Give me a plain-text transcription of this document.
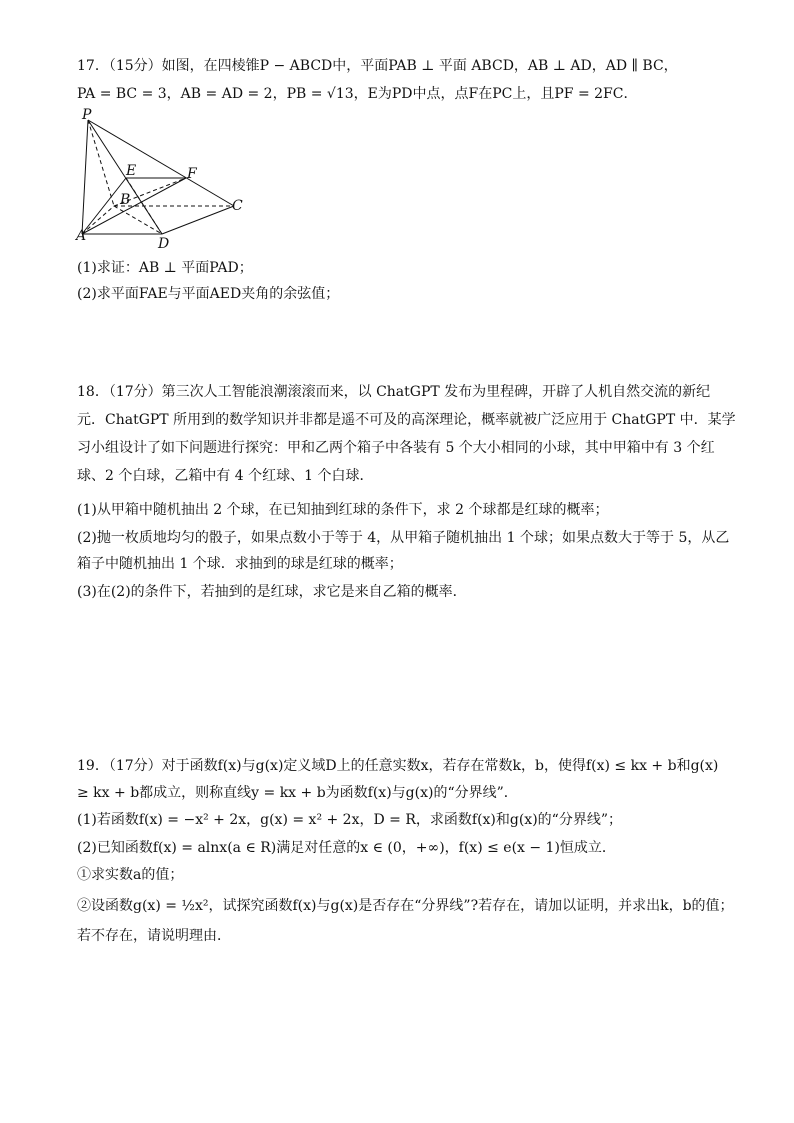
17．（15分）如图，在四棱锥P − ABCD中，平面PAB ⊥ 平面 ABCD，AB ⊥ AD，AD ∥ BC，
PA = BC = 3，AB = AD = 2，PB = √13，E为PD中点，点F在PC上，且PF = 2FC．
P
E	F
B	C
A	D
(1)求证：AB ⊥ 平面PAD；
(2)求平面FAE与平面AED夹角的余弦值；
18．（17分）第三次人工智能浪潮滚滚而来，以 ChatGPT 发布为里程碑，开辟了人机自然交流的新纪
元．ChatGPT 所用到的数学知识并非都是遥不可及的高深理论，概率就被广泛应用于 ChatGPT 中．某学
习小组设计了如下问题进行探究：甲和乙两个箱子中各装有 5 个大小相同的小球，其中甲箱中有 3 个红
球、2 个白球，乙箱中有 4 个红球、1 个白球．
(1)从甲箱中随机抽出 2 个球，在已知抽到红球的条件下，求 2 个球都是红球的概率；
(2)抛一枚质地均匀的骰子，如果点数小于等于 4，从甲箱子随机抽出 1 个球；如果点数大于等于 5，从乙
箱子中随机抽出 1 个球．求抽到的球是红球的概率；
(3)在(2)的条件下，若抽到的是红球，求它是来自乙箱的概率．
19．（17分）对于函数f(x)与g(x)定义域D上的任意实数x，若存在常数k，b，使得f(x) ≤ kx + b和g(x)
≥ kx + b都成立，则称直线y = kx + b为函数f(x)与g(x)的“分界线”．
(1)若函数f(x) = −x² + 2x，g(x) = x² + 2x，D = R，求函数f(x)和g(x)的“分界线”；
(2)已知函数f(x) = alnx(a ∈ R)满足对任意的x ∈ (0，+∞)，f(x) ≤ e(x − 1)恒成立．
①求实数a的值；
②设函数g(x) = ½x²，试探究函数f(x)与g(x)是否存在“分界线”?若存在，请加以证明，并求出k，b的值；
若不存在，请说明理由．
